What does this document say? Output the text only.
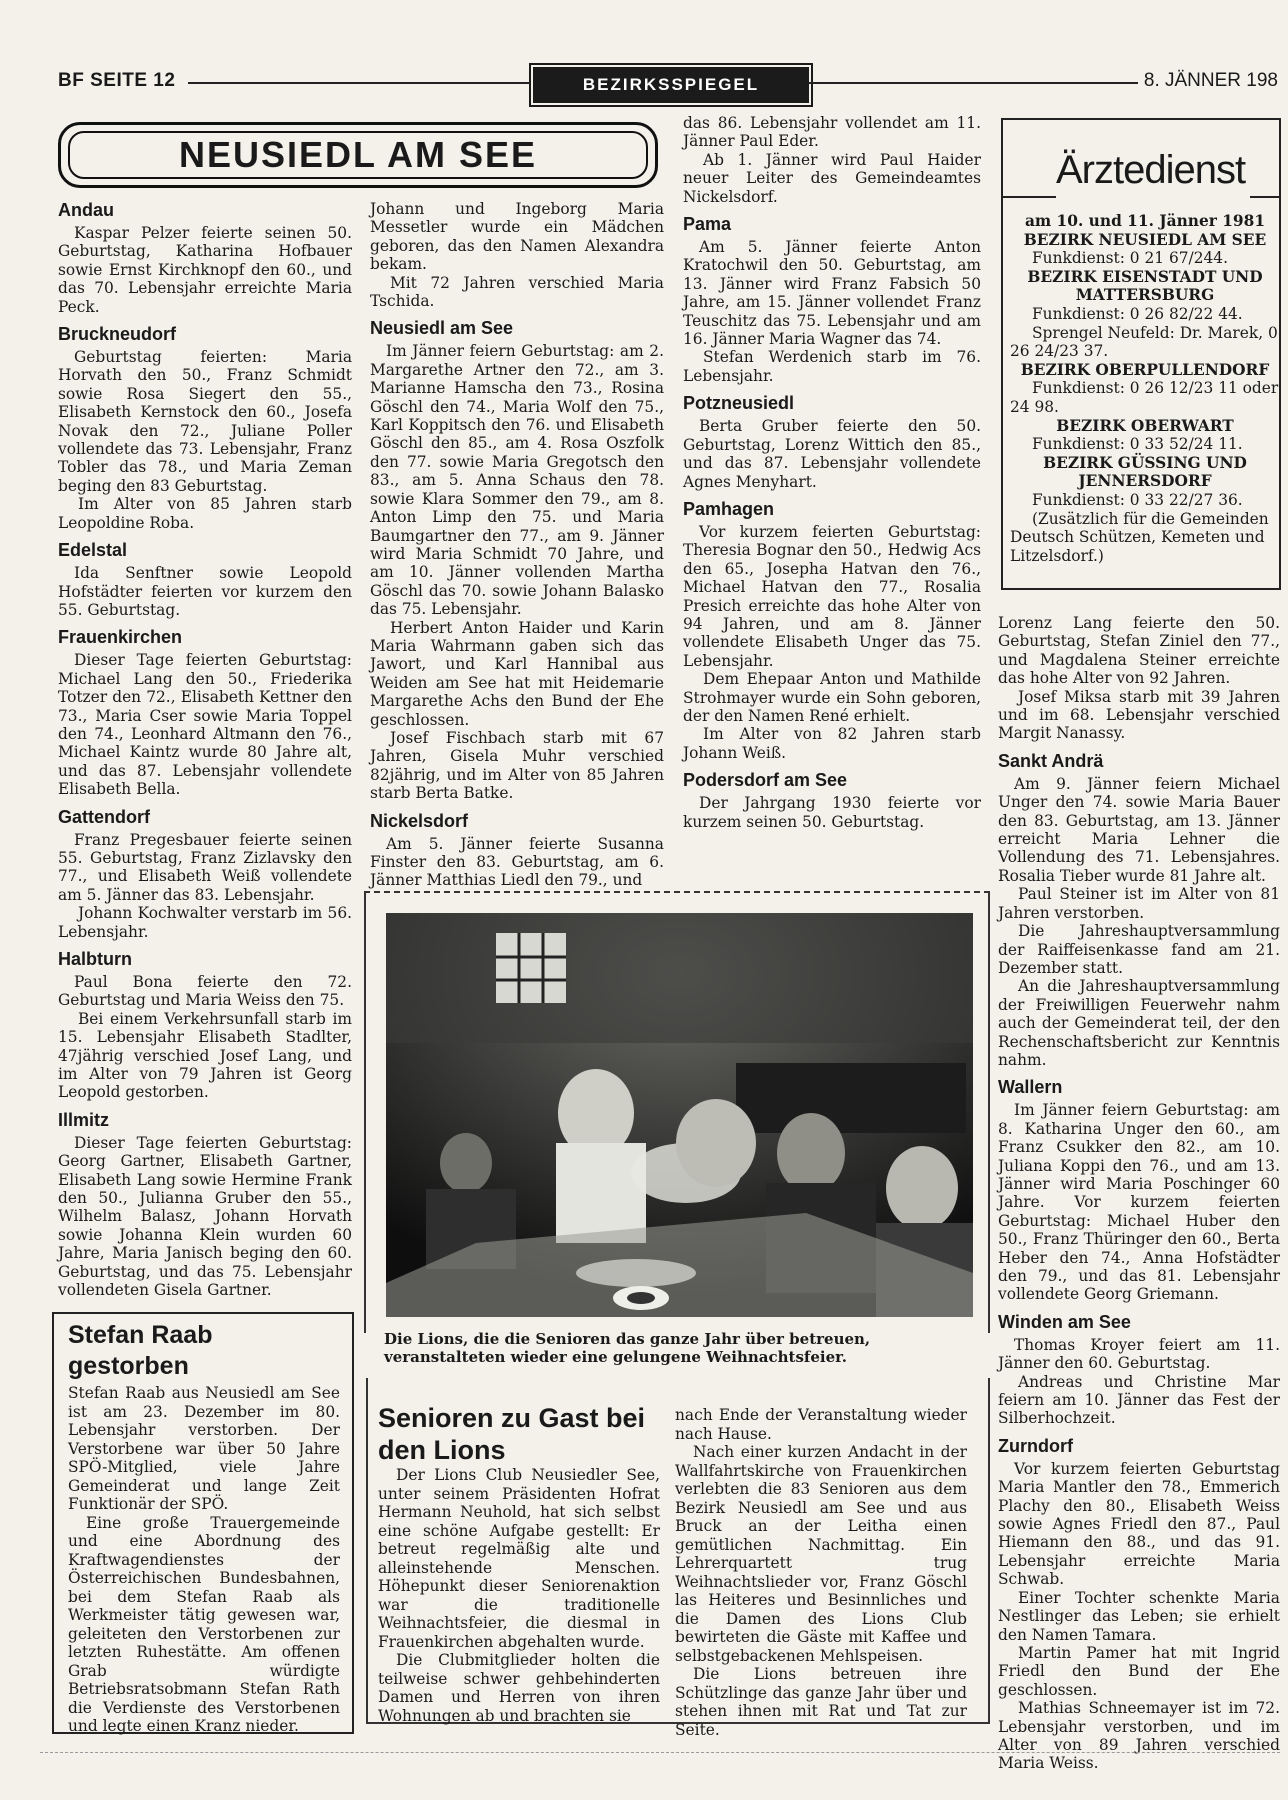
BF SEITE 12	BEZIRKSSPIEGEL	8. JÄNNER 198
NEUSIEDL AM SEE
Andau

Kaspar Pelzer feierte seinen 50. Geburtstag, Katharina Hofbauer sowie Ernst Kirchknopf den 60., und das 70. Lebensjahr erreichte Maria Peck.

Bruckneudorf

Geburtstag feierten: Maria Horvath den 50., Franz Schmidt sowie Rosa Siegert den 55., Elisabeth Kernstock den 60., Josefa Novak den 72., Juliane Poller vollendete das 73. Lebensjahr, Franz Tobler das 78., und Maria Zeman beging den 83 Geburtstag.

Im Alter von 85 Jahren starb Leopoldine Roba.

Edelstal

Ida Senftner sowie Leopold Hofstädter feierten vor kurzem den 55. Geburtstag.

Frauenkirchen

Dieser Tage feierten Geburtstag: Michael Lang den 50., Friederika Totzer den 72., Elisabeth Kettner den 73., Maria Cser sowie Maria Toppel den 74., Leonhard Altmann den 76., Michael Kaintz wurde 80 Jahre alt, und das 87. Lebensjahr vollendete Elisabeth Bella.

Gattendorf

Franz Pregesbauer feierte seinen 55. Geburtstag, Franz Zizlavsky den 77., und Elisabeth Weiß vollendete am 5. Jänner das 83. Lebensjahr.

Johann Kochwalter verstarb im 56. Lebensjahr.

Halbturn

Paul Bona feierte den 72. Geburtstag und Maria Weiss den 75.

Bei einem Verkehrsunfall starb im 15. Lebensjahr Elisabeth Stadlter, 47jährig verschied Josef Lang, und im Alter von 79 Jahren ist Georg Leopold gestorben.

Illmitz

Dieser Tage feierten Geburtstag: Georg Gartner, Elisabeth Gartner, Elisabeth Lang sowie Hermine Frank den 50., Julianna Gruber den 55., Wilhelm Balasz, Johann Horvath sowie Johanna Klein wurden 60 Jahre, Maria Janisch beging den 60. Geburtstag, und das 75. Lebensjahr vollendeten Gisela Gartner.

Johann und Ingeborg Maria Messetler wurde ein Mädchen geboren, das den Namen Alexandra bekam.

Mit 72 Jahren verschied Maria Tschida.

Neusiedl am See

Im Jänner feiern Geburtstag: am 2. Margarethe Artner den 72., am 3. Marianne Hamscha den 73., Rosina Göschl den 74., Maria Wolf den 75., Karl Koppitsch den 76. und Elisabeth Göschl den 85., am 4. Rosa Oszfolk den 77. sowie Maria Gregotsch den 83., am 5. Anna Schaus den 78. sowie Klara Sommer den 79., am 8. Anton Limp den 75. und Maria Baumgartner den 77., am 9. Jänner wird Maria Schmidt 70 Jahre, und am 10. Jänner vollenden Martha Göschl das 70. sowie Johann Balasko das 75. Lebensjahr.

Herbert Anton Haider und Karin Maria Wahrmann gaben sich das Jawort, und Karl Hannibal aus Weiden am See hat mit Heidemarie Margarethe Achs den Bund der Ehe geschlossen.

Josef Fischbach starb mit 67 Jahren, Gisela Muhr verschied 82jährig, und im Alter von 85 Jahren starb Berta Batke.

Nickelsdorf

Am 5. Jänner feierte Susanna Finster den 83. Geburtstag, am 6. Jänner Matthias Liedl den 79., und

das 86. Lebensjahr vollendet am 11. Jänner Paul Eder.

Ab 1. Jänner wird Paul Haider neuer Leiter des Gemeindeamtes Nickelsdorf.

Pama

Am 5. Jänner feierte Anton Kratochwil den 50. Geburtstag, am 13. Jänner wird Franz Fabsich 50 Jahre, am 15. Jänner vollendet Franz Teuschitz das 75. Lebensjahr und am 16. Jänner Maria Wagner das 74.

Stefan Werdenich starb im 76. Lebensjahr.

Potzneusiedl

Berta Gruber feierte den 50. Geburtstag, Lorenz Wittich den 85., und das 87. Lebensjahr vollendete Agnes Menyhart.

Pamhagen

Vor kurzem feierten Geburtstag: Theresia Bognar den 50., Hedwig Acs den 65., Josepha Hatvan den 76., Michael Hatvan den 77., Rosalia Presich erreichte das hohe Alter von 94 Jahren, und am 8. Jänner vollendete Elisabeth Unger das 75. Lebensjahr.

Dem Ehepaar Anton und Mathilde Strohmayer wurde ein Sohn geboren, der den Namen René erhielt.

Im Alter von 82 Jahren starb Johann Weiß.

Podersdorf am See

Der Jahrgang 1930 feierte vor kurzem seinen 50. Geburtstag.

Ärztedienst
am 10. und 11. Jänner 1981
BEZIRK NEUSIEDL AM SEE
Funkdienst: 0 21 67/244.
BEZIRK EISENSTADT UND MATTERSBURG
Funkdienst: 0 26 82/22 44.
Sprengel Neufeld: Dr. Marek, 0 26 24/23 37.
BEZIRK OBERPULLENDORF
Funkdienst: 0 26 12/23 11 oder 24 98.
BEZIRK OBERWART
Funkdienst: 0 33 52/24 11.
BEZIRK GÜSSING UND JENNERSDORF
Funkdienst: 0 33 22/27 36.
(Zusätzlich für die Gemeinden Deutsch Schützen, Kemeten und Litzelsdorf.)

Lorenz Lang feierte den 50. Geburtstag, Stefan Ziniel den 77., und Magdalena Steiner erreichte das hohe Alter von 92 Jahren.

Josef Miksa starb mit 39 Jahren und im 68. Lebensjahr verschied Margit Nanassy.

Sankt Andrä

Am 9. Jänner feiern Michael Unger den 74. sowie Maria Bauer den 83. Geburtstag, am 13. Jänner erreicht Maria Lehner die Vollendung des 71. Lebensjahres. Rosalia Tieber wurde 81 Jahre alt.

Paul Steiner ist im Alter von 81 Jahren verstorben.

Die Jahreshauptversammlung der Raiffeisenkasse fand am 21. Dezember statt.

An die Jahreshauptversammlung der Freiwilligen Feuerwehr nahm auch der Gemeinderat teil, der den Rechenschaftsbericht zur Kenntnis nahm.

Wallern

Im Jänner feiern Geburtstag: am 8. Katharina Unger den 60., am Franz Csukker den 82., am 10. Juliana Koppi den 76., und am 13. Jänner wird Maria Poschinger 60 Jahre. Vor kurzem feierten Geburtstag: Michael Huber den 50., Franz Thüringer den 60., Berta Heber den 74., Anna Hofstädter den 79., und das 81. Lebensjahr vollendete Georg Griemann.

Winden am See

Thomas Kroyer feiert am 11. Jänner den 60. Geburtstag.

Andreas und Christine Mar feiern am 10. Jänner das Fest der Silberhochzeit.

Zurndorf

Vor kurzem feierten Geburtstag Maria Mantler den 78., Emmerich Plachy den 80., Elisabeth Weiss sowie Agnes Friedl den 87., Paul Hiemann den 88., und das 91. Lebensjahr erreichte Maria Schwab.

Einer Tochter schenkte Maria Nestlinger das Leben; sie erhielt den Namen Tamara.

Martin Pamer hat mit Ingrid Friedl den Bund der Ehe geschlossen.

Mathias Schneemayer ist im 72. Lebensjahr verstorben, und im Alter von 89 Jahren verschied Maria Weiss.

Stefan Raab gestorben

Stefan Raab aus Neusiedl am See ist am 23. Dezember im 80. Lebensjahr verstorben. Der Verstorbene war über 50 Jahre SPÖ-Mitglied, viele Jahre Gemeinderat und lange Zeit Funktionär der SPÖ.

Eine große Trauergemeinde und eine Abordnung des Kraftwagendienstes der Österreichischen Bundesbahnen, bei dem Stefan Raab als Werkmeister tätig gewesen war, geleiteten den Verstorbenen zur letzten Ruhestätte. Am offenen Grab würdigte Betriebsratsobmann Stefan Rath die Verdienste des Verstorbenen und legte einen Kranz nieder.

Die Lions, die die Senioren das ganze Jahr über betreuen, veranstalteten wieder eine gelungene Weihnachtsfeier.
Senioren zu Gast bei den Lions

Der Lions Club Neusiedler See, unter seinem Präsidenten Hofrat Hermann Neuhold, hat sich selbst eine schöne Aufgabe gestellt: Er betreut regelmäßig alte und alleinstehende Menschen. Höhepunkt dieser Seniorenaktion war die traditionelle Weihnachtsfeier, die diesmal in Frauenkirchen abgehalten wurde.

Die Clubmitglieder holten die teilweise schwer gehbehinderten Damen und Herren von ihren Wohnungen ab und brachten sie

nach Ende der Veranstaltung wieder nach Hause.

Nach einer kurzen Andacht in der Wallfahrtskirche von Frauenkirchen verlebten die 83 Senioren aus dem Bezirk Neusiedl am See und aus Bruck an der Leitha einen gemütlichen Nachmittag. Ein Lehrerquartett trug Weihnachtslieder vor, Franz Göschl las Heiteres und Besinnliches und die Damen des Lions Club bewirteten die Gäste mit Kaffee und selbstgebackenen Mehlspeisen.

Die Lions betreuen ihre Schützlinge das ganze Jahr über und stehen ihnen mit Rat und Tat zur Seite.
